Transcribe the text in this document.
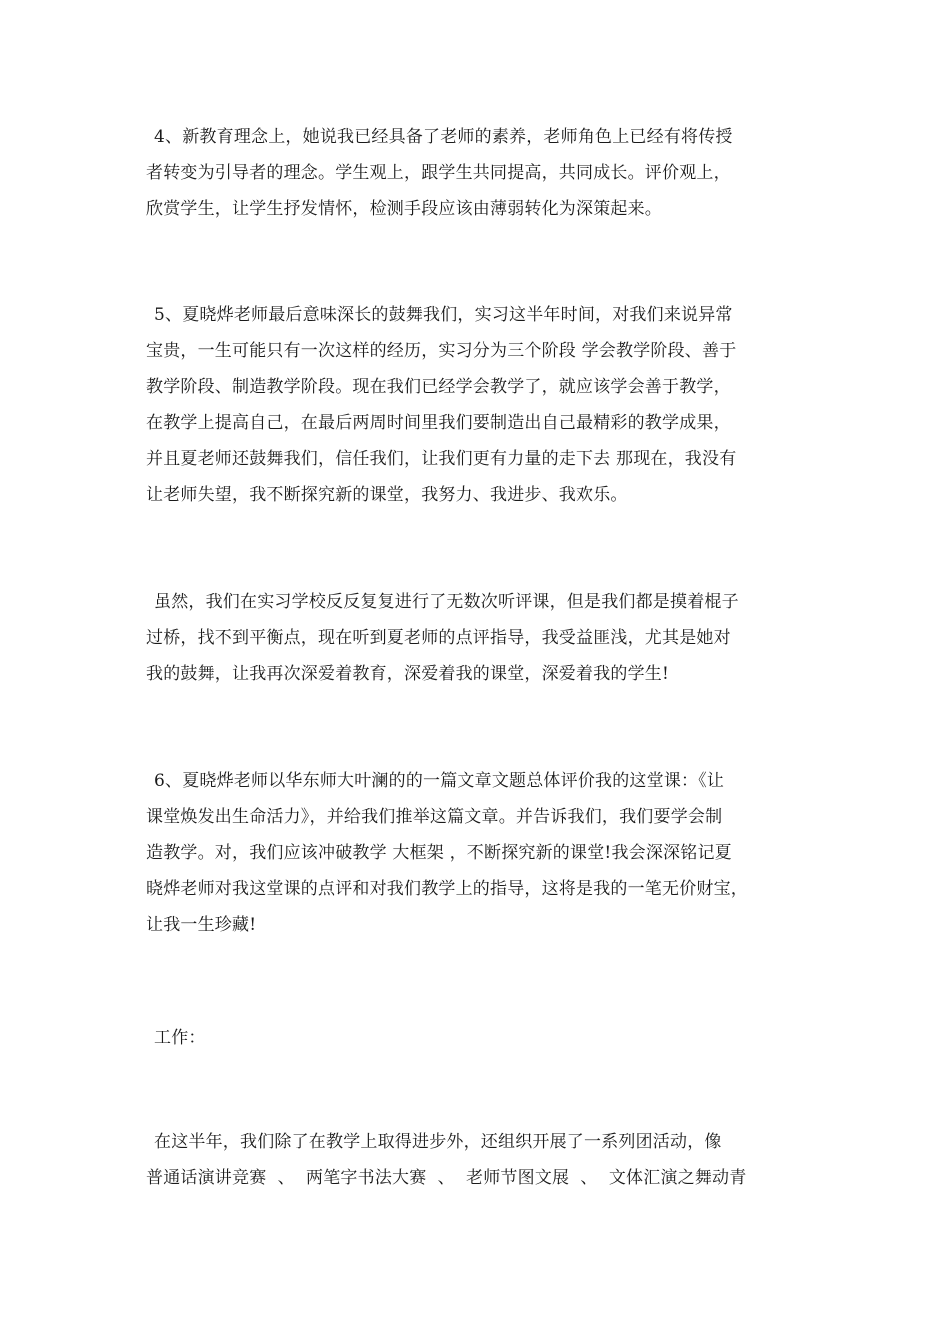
4、新教育理念上，她说我已经具备了老师的素养，老师角色上已经有将传授
者转变为引导者的理念。学生观上，跟学生共同提高，共同成长。评价观上，
欣赏学生，让学生抒发情怀，检测手段应该由薄弱转化为深策起来。
5、夏晓烨老师最后意味深长的鼓舞我们，实习这半年时间，对我们来说异常
宝贵，一生可能只有一次这样的经历，实习分为三个阶段 学会教学阶段、善于
教学阶段、制造教学阶段。现在我们已经学会教学了，就应该学会善于教学，
在教学上提高自己，在最后两周时间里我们要制造出自己最精彩的教学成果，
并且夏老师还鼓舞我们，信任我们，让我们更有力量的走下去 那现在，我没有
让老师失望，我不断探究新的课堂，我努力、我进步、我欢乐。
虽然，我们在实习学校反反复复进行了无数次听评课，但是我们都是摸着棍子
过桥，找不到平衡点，现在听到夏老师的点评指导，我受益匪浅，尤其是她对
我的鼓舞，让我再次深爱着教育，深爱着我的课堂，深爱着我的学生!
6、夏晓烨老师以华东师大叶澜的的一篇文章文题总体评价我的这堂课：《让
课堂焕发出生命活力》，并给我们推举这篇文章。并告诉我们，我们要学会制
造教学。对，我们应该冲破教学 大框架 ，不断探究新的课堂!我会深深铭记夏
晓烨老师对我这堂课的点评和对我们教学上的指导，这将是我的一笔无价财宝，
让我一生珍藏!
工作：
在这半年，我们除了在教学上取得进步外，还组织开展了一系列团活动，像
普通话演讲竞赛  、  两笔字书法大赛  、  老师节图文展  、  文体汇演之舞动青
